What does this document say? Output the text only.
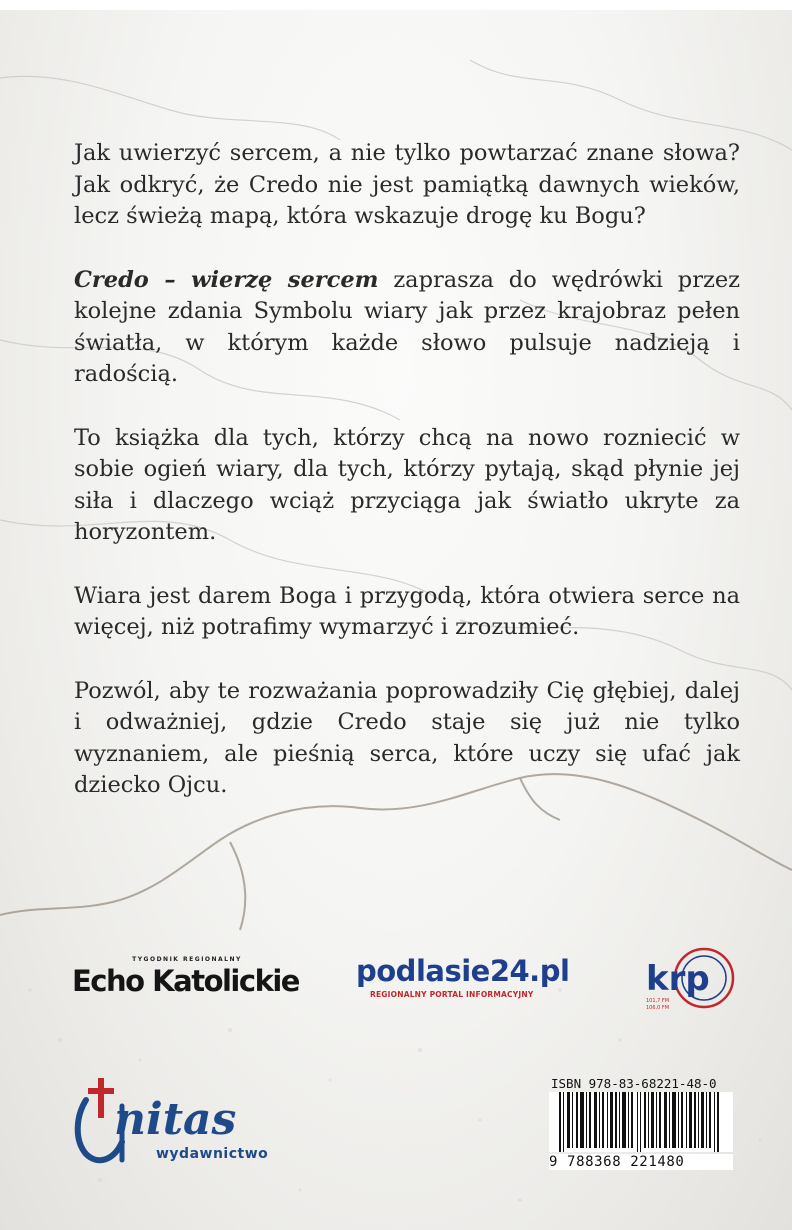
Jak uwierzyć sercem, a nie tylko powtarzać znane słowa? Jak odkryć, że Credo nie jest pamiątką dawnych wieków, lecz świeżą mapą, która wskazuje drogę ku Bogu?

Credo – wierzę sercem zaprasza do wędrówki przez kolejne zdania Symbolu wiary jak przez krajobraz pełen światła, w którym każde słowo pulsuje nadzieją i radością.

To książka dla tych, którzy chcą na nowo rozniecić w sobie ogień wiary, dla tych, którzy pytają, skąd płynie jej siła i dlaczego wciąż przyciąga jak światło ukryte za horyzontem.

Wiara jest darem Boga i przygodą, która otwiera serce na więcej, niż potrafimy wymarzyć i zrozumieć.

Pozwól, aby te rozważania poprowadziły Cię głębiej, dalej i odważniej, gdzie Credo staje się już nie tylko wyznaniem, ale pieśnią serca, które uczy się ufać jak dziecko Ojcu.

TYGODNIK REGIONALNY
Echo Katolickie podlasie24.pl
REGIONALNY PORTAL INFORMACYJNY	krp
101,7 FM
106,0 FM
nitas
wydawnictwo
ISBN 978-83-68221-48-0
9 788368 221480
